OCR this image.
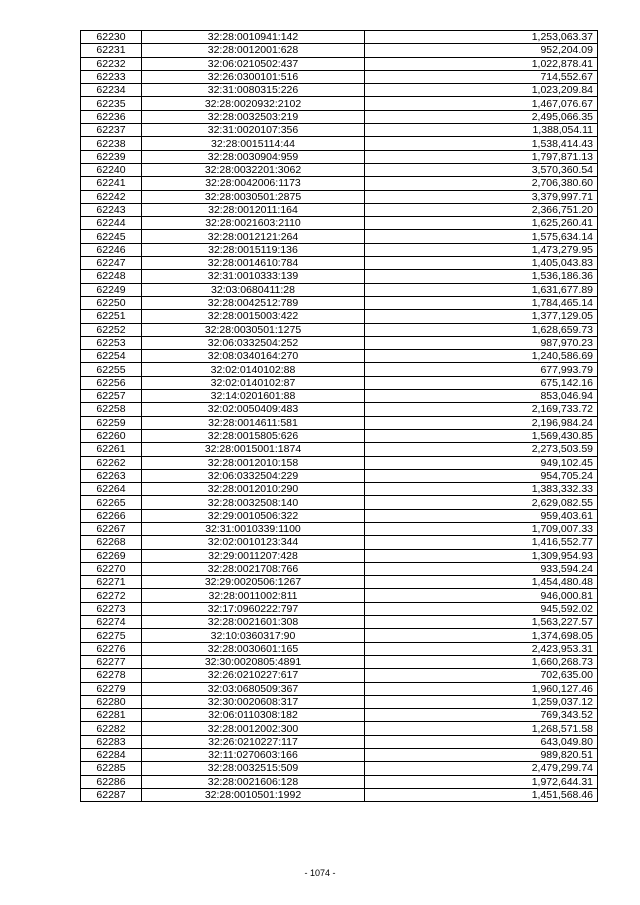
62230	32:28:0010941:142	1,253,063.37
62231	32:28:0012001:628	952,204.09
62232	32:06:0210502:437	1,022,878.41
62233	32:26:0300101:516	714,552.67
62234	32:31:0080315:226	1,023,209.84
62235	32:28:0020932:2102	1,467,076.67
62236	32:28:0032503:219	2,495,066.35
62237	32:31:0020107:356	1,388,054.11
62238	32:28:0015114:44	1,538,414.43
62239	32:28:0030904:959	1,797,871.13
62240	32:28:0032201:3062	3,570,360.54
62241	32:28:0042006:1173	2,706,380.60
62242	32:28:0030501:2875	3,379,997.71
62243	32:28:0012011:164	2,366,751.20
62244	32:28:0021603:2110	1,625,260.41
62245	32:28:0012121:264	1,575,634.14
62246	32:28:0015119:136	1,473,279.95
62247	32:28:0014610:784	1,405,043.83
62248	32:31:0010333:139	1,536,186.36
62249	32:03:0680411:28	1,631,677.89
62250	32:28:0042512:789	1,784,465.14
62251	32:28:0015003:422	1,377,129.05
62252	32:28:0030501:1275	1,628,659.73
62253	32:06:0332504:252	987,970.23
62254	32:08:0340164:270	1,240,586.69
62255	32:02:0140102:88	677,993.79
62256	32:02:0140102:87	675,142.16
62257	32:14:0201601:88	853,046.94
62258	32:02:0050409:483	2,169,733.72
62259	32:28:0014611:581	2,196,984.24
62260	32:28:0015805:626	1,569,430.85
62261	32:28:0015001:1874	2,273,503.59
62262	32:28:0012010:158	949,102.45
62263	32:06:0332504:229	954,705.24
62264	32:28:0012010:290	1,383,332.33
62265	32:28:0032508:140	2,629,082.55
62266	32:29:0010506:322	959,403.61
62267	32:31:0010339:1100	1,709,007.33
62268	32:02:0010123:344	1,416,552.77
62269	32:29:0011207:428	1,309,954.93
62270	32:28:0021708:766	933,594.24
62271	32:29:0020506:1267	1,454,480.48
62272	32:28:0011002:811	946,000.81
62273	32:17:0960222:797	945,592.02
62274	32:28:0021601:308	1,563,227.57
62275	32:10:0360317:90	1,374,698.05
62276	32:28:0030601:165	2,423,953.31
62277	32:30:0020805:4891	1,660,268.73
62278	32:26:0210227:617	702,635.00
62279	32:03:0680509:367	1,960,127.46
62280	32:30:0020608:317	1,259,037.12
62281	32:06:0110308:182	769,343.52
62282	32:28:0012002:300	1,268,571.58
62283	32:26:0210227:117	643,049.80
62284	32:11:0270603:166	989,820.51
62285	32:28:0032515:509	2,479,299.74
62286	32:28:0021606:128	1,972,644.31
62287	32:28:0010501:1992	1,451,568.46
- 1074 -
